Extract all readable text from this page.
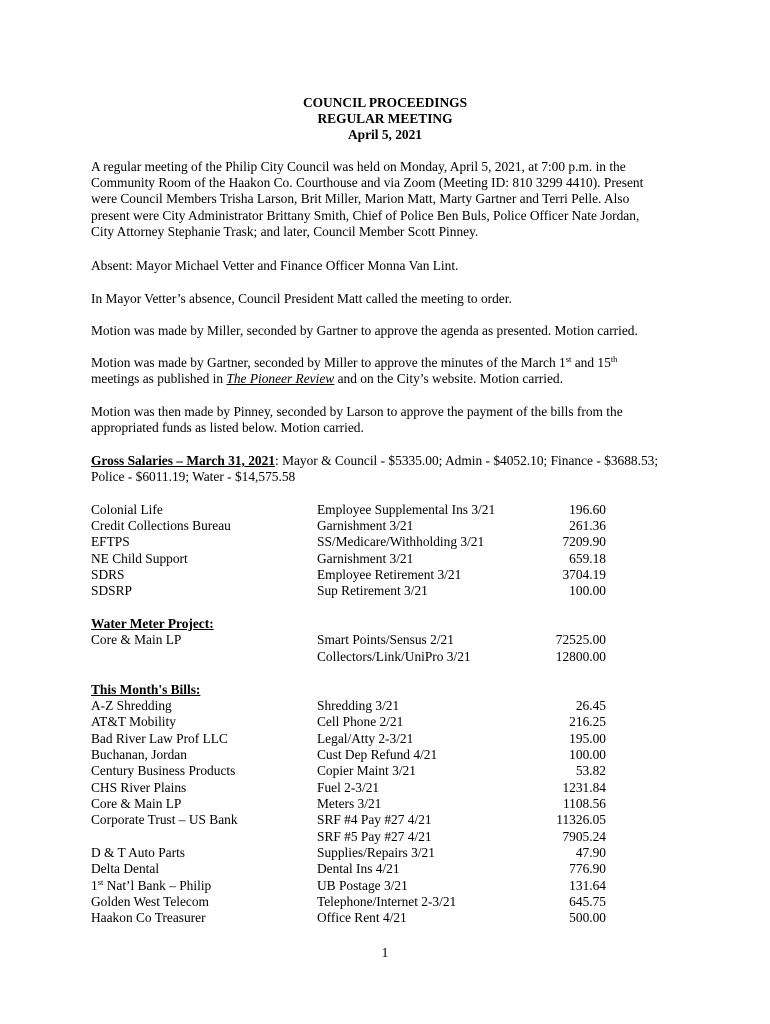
COUNCIL PROCEEDINGS
REGULAR MEETING
April 5, 2021
A regular meeting of the Philip City Council was held on Monday, April 5, 2021, at 7:00 p.m. in the
Community Room of the Haakon Co. Courthouse and via Zoom (Meeting ID: 810 3299 4410). Present
were Council Members Trisha Larson, Brit Miller, Marion Matt, Marty Gartner and Terri Pelle. Also
present were City Administrator Brittany Smith, Chief of Police Ben Buls, Police Officer Nate Jordan,
City Attorney Stephanie Trask; and later, Council Member Scott Pinney.
Absent: Mayor Michael Vetter and Finance Officer Monna Van Lint.
In Mayor Vetter’s absence, Council President Matt called the meeting to order.
Motion was made by Miller, seconded by Gartner to approve the agenda as presented. Motion carried.
Motion was made by Gartner, seconded by Miller to approve the minutes of the March 1st and 15th
meetings as published in The Pioneer Review and on the City’s website. Motion carried.
Motion was then made by Pinney, seconded by Larson to approve the payment of the bills from the
appropriated funds as listed below. Motion carried.
Gross Salaries – March 31, 2021: Mayor & Council - $5335.00; Admin - $4052.10; Finance - $3688.53;
Police - $6011.19; Water - $14,575.58
Colonial Life	Employee Supplemental Ins 3/21	196.60
Credit Collections Bureau	Garnishment 3/21	261.36
EFTPS	SS/Medicare/Withholding 3/21	7209.90
NE Child Support	Garnishment 3/21	659.18
SDRS	Employee Retirement 3/21	3704.19
SDSRP	Sup Retirement 3/21	100.00
Water Meter Project:
Core & Main LP	Smart Points/Sensus 2/21	72525.00
Collectors/Link/UniPro 3/21	12800.00
This Month's Bills:
A-Z Shredding	Shredding 3/21	26.45
AT&T Mobility	Cell Phone 2/21	216.25
Bad River Law Prof LLC	Legal/Atty 2-3/21	195.00
Buchanan, Jordan	Cust Dep Refund 4/21	100.00
Century Business Products	Copier Maint 3/21	53.82
CHS River Plains	Fuel 2-3/21	1231.84
Core & Main LP	Meters 3/21	1108.56
Corporate Trust – US Bank	SRF #4 Pay #27 4/21	11326.05
SRF #5 Pay #27 4/21	7905.24
D & T Auto Parts	Supplies/Repairs 3/21	47.90
Delta Dental	Dental Ins 4/21	776.90
1st Nat’l Bank – Philip	UB Postage 3/21	131.64
Golden West Telecom	Telephone/Internet 2-3/21	645.75
Haakon Co Treasurer	Office Rent 4/21	500.00
1
